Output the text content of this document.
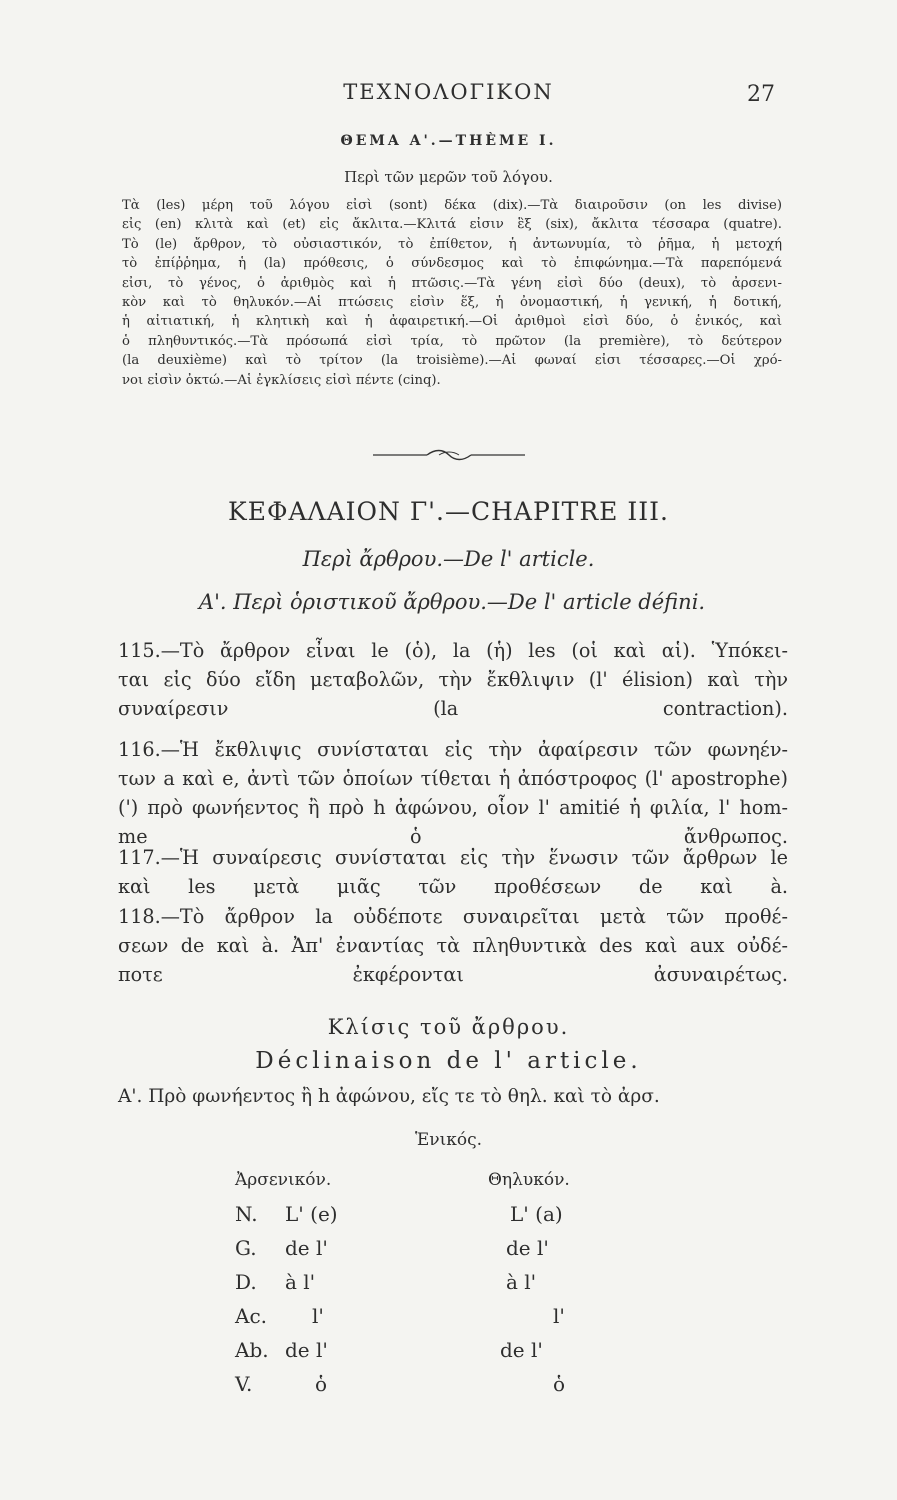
ΤΕΧΝΟΛΟΓΙΚΟΝ	27
ΘΕΜΑ Α'.—THÈME I.
Περὶ τῶν μερῶν τοῦ λόγου.
Τὰ (les) μέρη τοῦ λόγου εἰσὶ (sont) δέκα (dix).—Τὰ διαιροῦσιν (on les divise)
εἰς (en) κλιτὰ καὶ (et) εἰς ἄκλιτα.—Κλιτά εἰσιν ἓξ (six), ἄκλιτα τέσσαρα (quatre).
Τὸ (le) ἄρθρον, τὸ οὐσιαστικόν, τὸ ἐπίθετον, ἡ ἀντωνυμία, τὸ ῥῆμα, ἡ μετοχή
τὸ ἐπίῤῥημα, ἡ (la) πρόθεσις, ὁ σύνδεσμος καὶ τὸ ἐπιφώνημα.—Τὰ παρεπόμενά
εἰσι, τὸ γένος, ὁ ἀριθμὸς καὶ ἡ πτῶσις.—Τὰ γένη εἰσὶ δύο (deux), τὸ ἀρσενι-
κὸν καὶ τὸ θηλυκόν.—Αἱ πτώσεις εἰσὶν ἕξ, ἡ ὀνομαστική, ἡ γενική, ἡ δοτική,
ἡ αἰτιατική, ἡ κλητικὴ καὶ ἡ ἀφαιρετική.—Οἱ ἀριθμοὶ εἰσὶ δύο, ὁ ἑνικός, καὶ
ὁ πληθυντικός.—Τὰ πρόσωπά εἰσὶ τρία, τὸ πρῶτον (la première), τὸ δεύτερον
(la deuxième) καὶ τὸ τρίτον (la troisième).—Αἱ φωναί εἰσι τέσσαρες.—Οἱ χρό-
νοι εἰσὶν ὀκτώ.—Αἱ ἐγκλίσεις εἰσὶ πέντε (cinq).
ΚΕΦΑΛΑΙΟΝ Γ'.—CHAPITRE III.
Περὶ ἄρθρου.—De l' article.
Α'. Περὶ ὁριστικοῦ ἄρθρου.—De l' article défini.
115.—Τὸ ἄρθρον εἶναι le (ὁ), la (ἡ) les (οἱ καὶ αἱ). Ὑπόκει-
ται εἰς δύο εἴδη μεταβολῶν, τὴν ἔκθλιψιν (l' élision) καὶ τὴν
συναίρεσιν (la contraction).
116.—Ἡ ἔκθλιψις συνίσταται εἰς τὴν ἀφαίρεσιν τῶν φωνηέν-
των a καὶ e, ἀντὶ τῶν ὁποίων τίθεται ἡ ἀπόστροφος (l' apostrophe)
(') πρὸ φωνήεντος ἢ πρὸ h ἀφώνου, οἷον l' amitié ἡ φιλία, l' hom-
me ὁ ἄνθρωπος.
117.—Ἡ συναίρεσις συνίσταται εἰς τὴν ἕνωσιν τῶν ἄρθρων le
καὶ les μετὰ μιᾶς τῶν προθέσεων de καὶ à.
118.—Τὸ ἄρθρον la οὐδέποτε συναιρεῖται μετὰ τῶν προθέ-
σεων de καὶ à. Ἀπ' ἐναντίας τὰ πληθυντικὰ des καὶ aux οὐδέ-
ποτε ἐκφέρονται ἀσυναιρέτως.
Κλίσις τοῦ ἄρθρου.
Déclinaison de l' article.
Α'. Πρὸ φωνήεντος ἢ h ἀφώνου, εἴς τε τὸ θηλ. καὶ τὸ ἀρσ.
Ἑνικός.
Ἀρσενικόν.	Θηλυκόν.
N. L' (e)	L' (a)
G. de l'	de l'
D. à l'	à l'
Ac. l'	l'
Ab. de l'	de l'
V.	ὁ	ὁ
